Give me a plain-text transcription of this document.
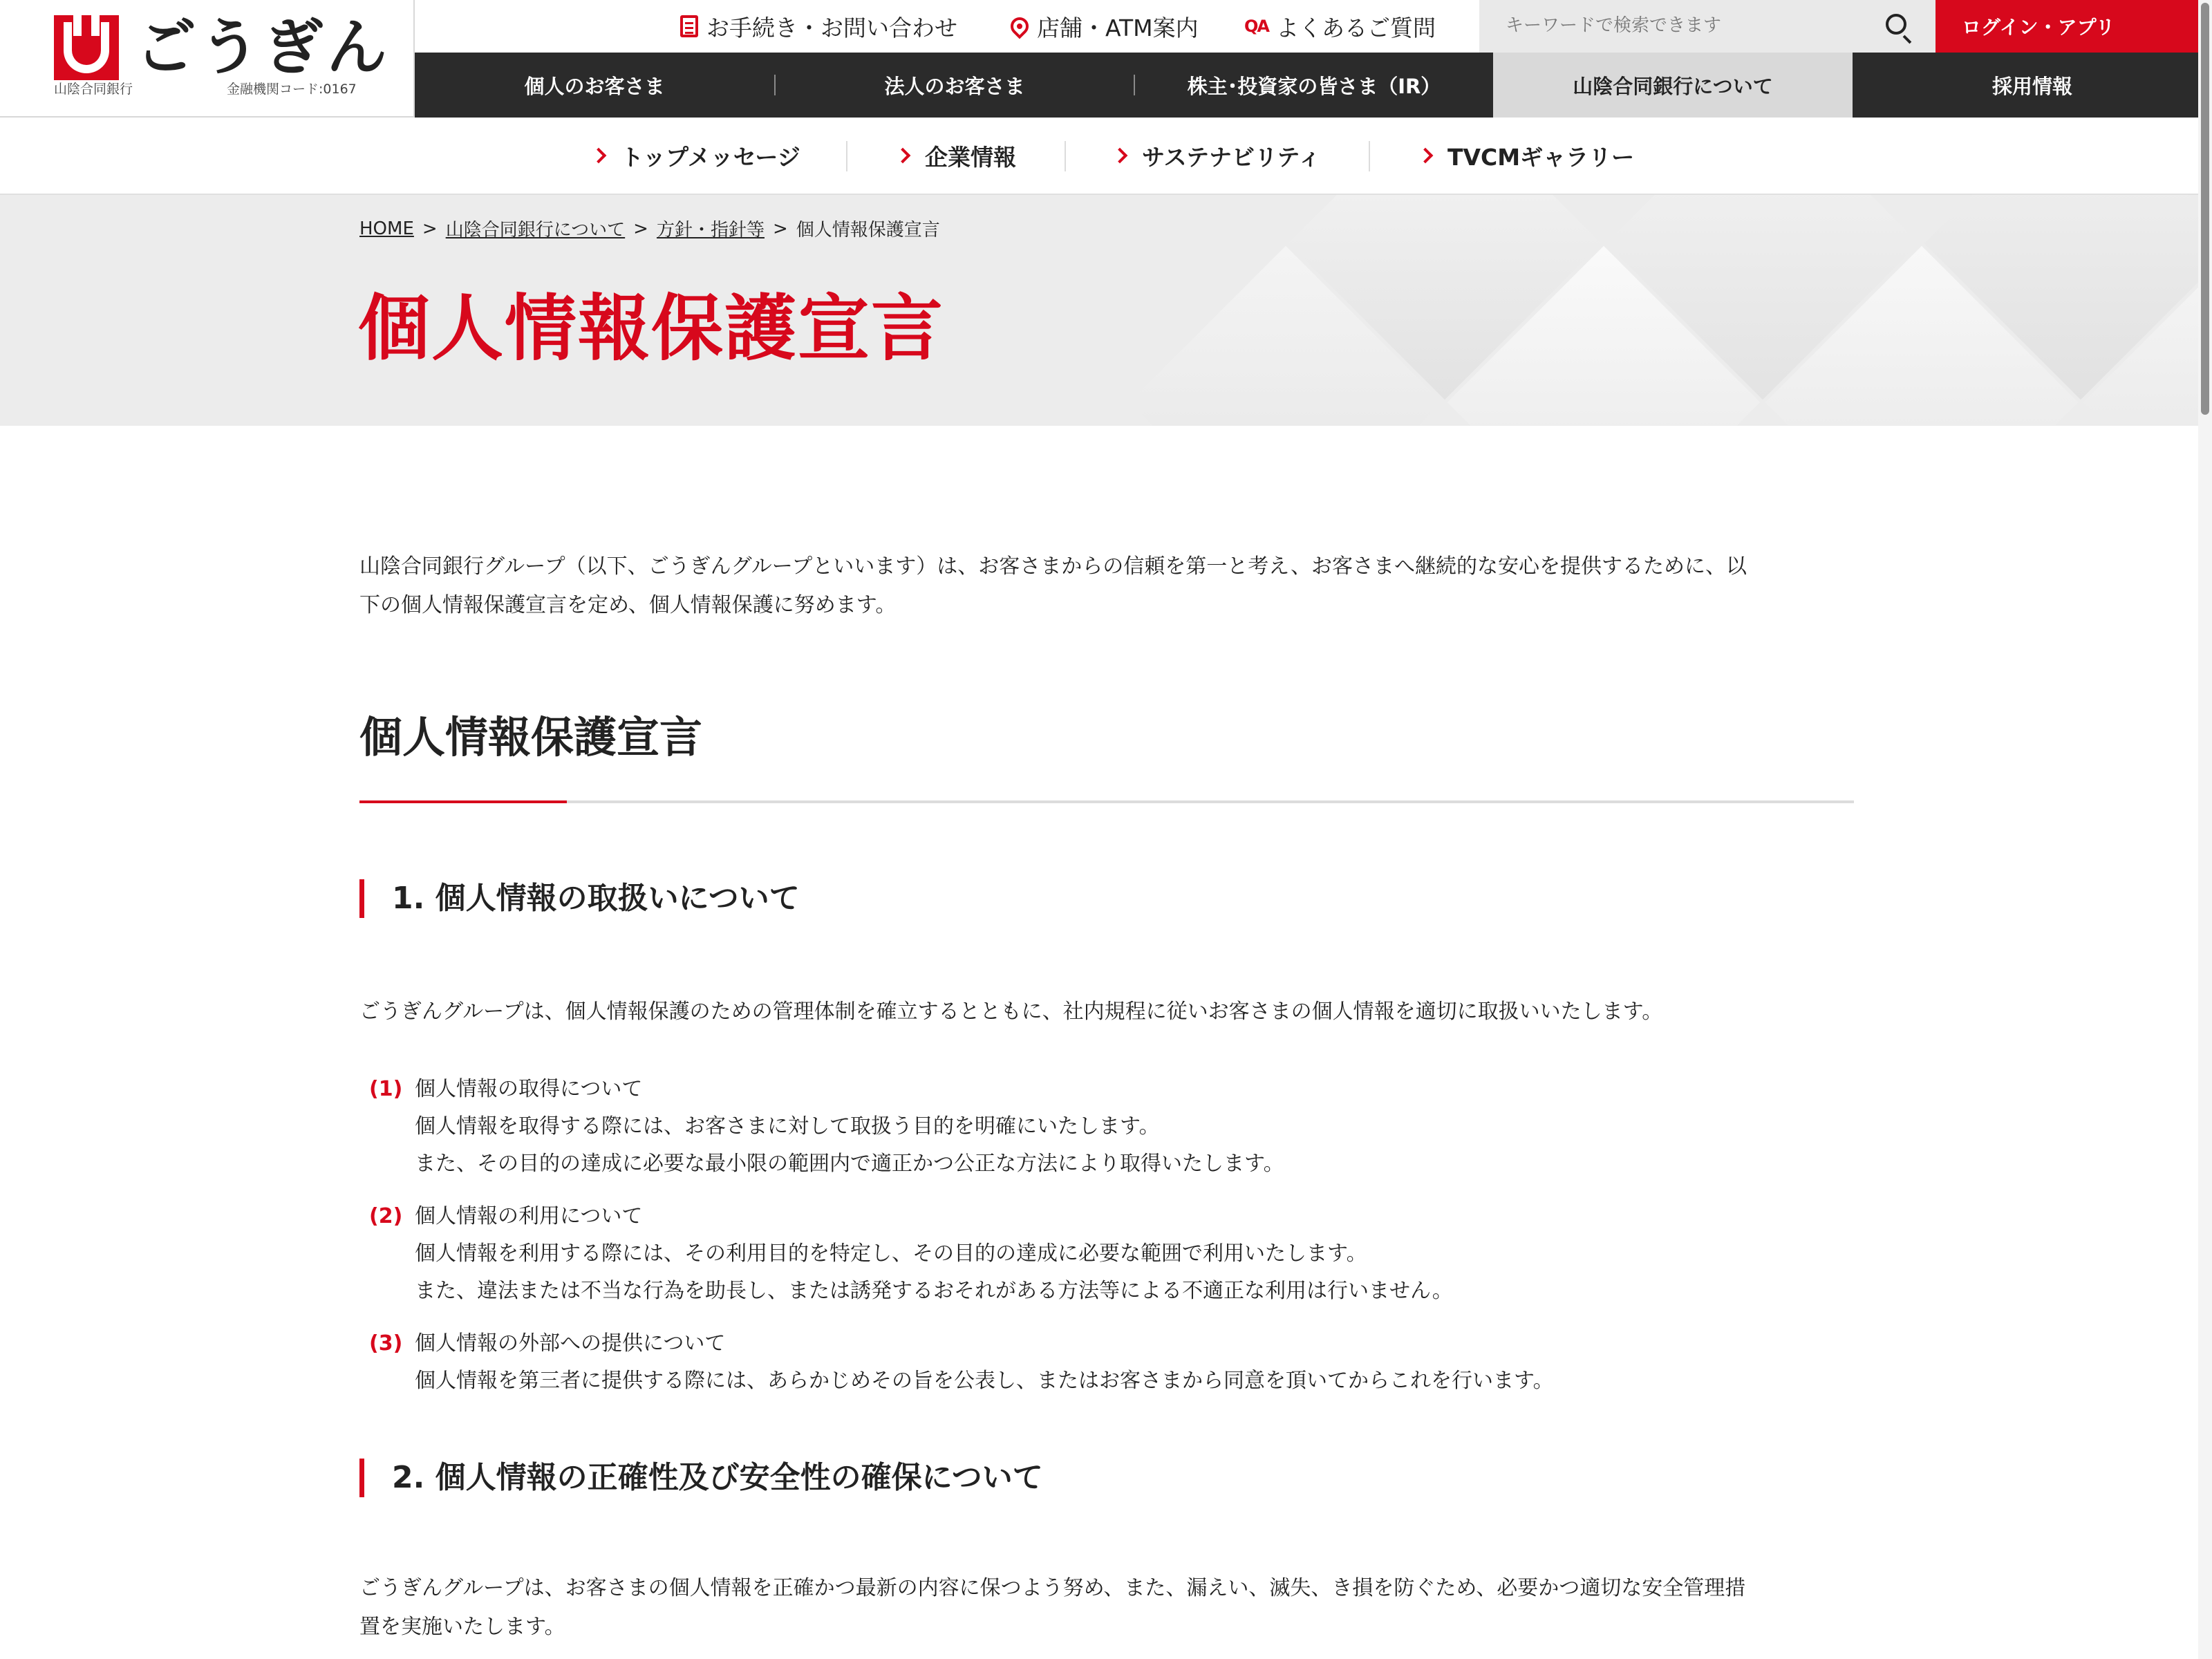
ごうぎん
山陰合同銀行	金融機関コード:0167
お手続き・お問い合わせ	店舗・ATM案内	QA よくあるご質問
キーワードで検索できます	ログイン・アプリ
個人のお客さま	法人のお客さま	株主･投資家の皆さま（IR）	山陰合同銀行について	採用情報
トップメッセージ	企業情報	サステナビリティ	TVCMギャラリー
HOME > 山陰合同銀行について > 方針・指針等 > 個人情報保護宣言
個人情報保護宣言
山陰合同銀行グループ（以下、ごうぎんグループといいます）は、お客さまからの信頼を第一と考え、お客さまへ継続的な安心を提供するために、以
下の個人情報保護宣言を定め、個人情報保護に努めます。
個人情報保護宣言
1. 個人情報の取扱いについて

ごうぎんグループは、個人情報保護のための管理体制を確立するとともに、社内規程に従いお客さまの個人情報を適切に取扱いいたします。

(1) 個人情報の取得について
個人情報を取得する際には、お客さまに対して取扱う目的を明確にいたします。
また、その目的の達成に必要な最小限の範囲内で適正かつ公正な方法により取得いたします。
(2) 個人情報の利用について
個人情報を利用する際には、その利用目的を特定し、その目的の達成に必要な範囲で利用いたします。
また、違法または不当な行為を助長し、または誘発するおそれがある方法等による不適正な利用は行いません。
(3) 個人情報の外部への提供について
個人情報を第三者に提供する際には、あらかじめその旨を公表し、またはお客さまから同意を頂いてからこれを行います。
2. 個人情報の正確性及び安全性の確保について
ごうぎんグループは、お客さまの個人情報を正確かつ最新の内容に保つよう努め、また、漏えい、滅失、き損を防ぐため、必要かつ適切な安全管理措
置を実施いたします。
